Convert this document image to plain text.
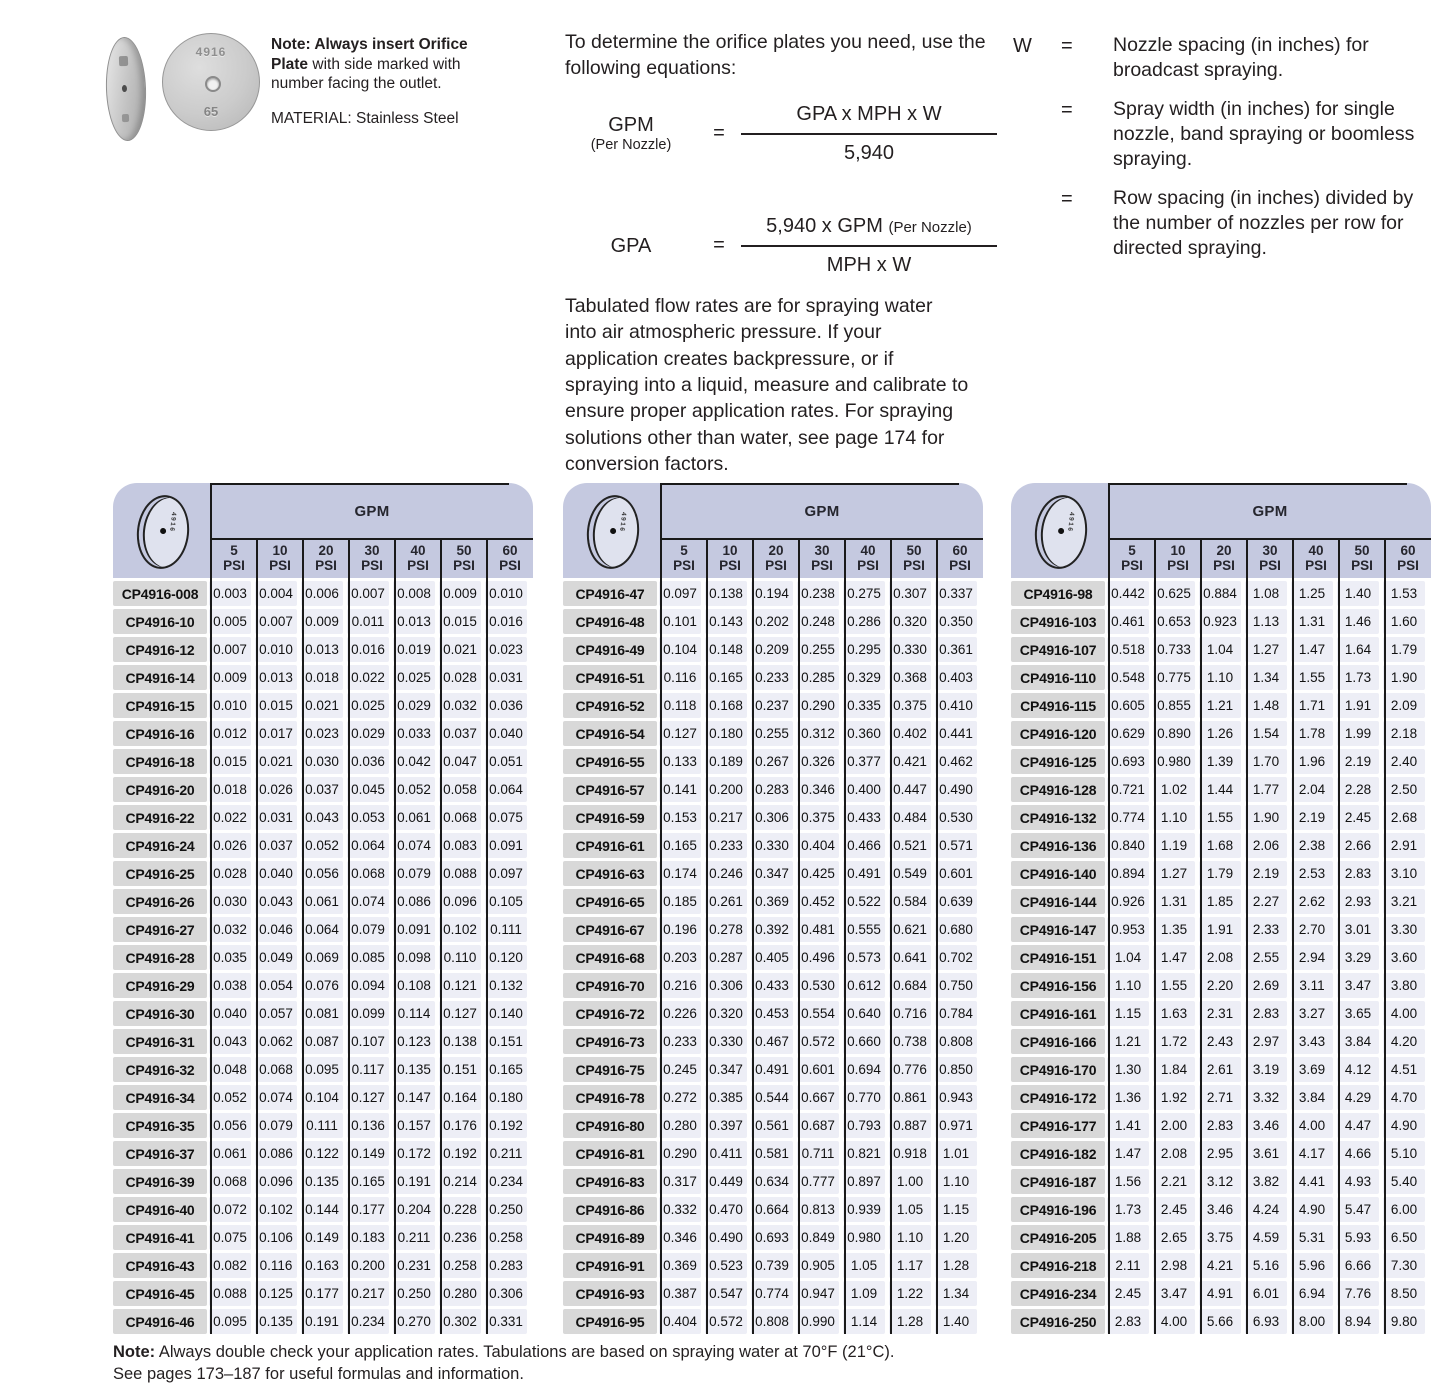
4916
65
Note: Always insert Orifice Plate with side marked with number facing the outlet.
MATERIAL: Stainless Steel
To determine the orifice plates you need, use the following equations:
GPM
(Per Nozzle)
= $\frac{\text{GPA x MPH x W}}{5,940}$
GPA	= $\frac{\text{5,940 x GPM (Per Nozzle)}}{\text{MPH x W}}$
W	=	Nozzle spacing (in inches) for broadcast spraying.
=	Spray width (in inches) for single nozzle, band spraying or boomless spraying.
=	Row spacing (in inches) divided by the number of nozzles per row for directed spraying.
Tabulated flow rates are for spraying water into air atmospheric pressure. If your application creates backpressure, or if spraying into a liquid, measure and calibrate to ensure proper application rates. For spraying solutions other than water, see page 174 for conversion factors.
4916
GPM
5
PSI
10
PSI
20
PSI
30
PSI
40
PSI
50
PSI
60
PSI
CP4916-008	0.003 0.004 0.006 0.007 0.008 0.009 0.010
CP4916-10	0.005 0.007 0.009 0.011 0.013 0.015 0.016
CP4916-12	0.007 0.010 0.013 0.016 0.019 0.021 0.023
CP4916-14	0.009 0.013 0.018 0.022 0.025 0.028 0.031
CP4916-15	0.010 0.015 0.021 0.025 0.029 0.032 0.036
CP4916-16	0.012 0.017 0.023 0.029 0.033 0.037 0.040
CP4916-18	0.015 0.021 0.030 0.036 0.042 0.047 0.051
CP4916-20	0.018 0.026 0.037 0.045 0.052 0.058 0.064
CP4916-22	0.022 0.031 0.043 0.053 0.061 0.068 0.075
CP4916-24	0.026 0.037 0.052 0.064 0.074 0.083 0.091
CP4916-25	0.028 0.040 0.056 0.068 0.079 0.088 0.097
CP4916-26	0.030 0.043 0.061 0.074 0.086 0.096 0.105
CP4916-27	0.032 0.046 0.064 0.079 0.091 0.102 0.111
CP4916-28	0.035 0.049 0.069 0.085 0.098 0.110 0.120
CP4916-29	0.038 0.054 0.076 0.094 0.108 0.121 0.132
CP4916-30	0.040 0.057 0.081 0.099 0.114 0.127 0.140
CP4916-31	0.043 0.062 0.087 0.107 0.123 0.138 0.151
CP4916-32	0.048 0.068 0.095 0.117 0.135 0.151 0.165
CP4916-34	0.052 0.074 0.104 0.127 0.147 0.164 0.180
CP4916-35	0.056 0.079 0.111 0.136 0.157 0.176 0.192
CP4916-37	0.061 0.086 0.122 0.149 0.172 0.192 0.211
CP4916-39	0.068 0.096 0.135 0.165 0.191 0.214 0.234
CP4916-40	0.072 0.102 0.144 0.177 0.204 0.228 0.250
CP4916-41	0.075 0.106 0.149 0.183 0.211 0.236 0.258
CP4916-43	0.082 0.116 0.163 0.200 0.231 0.258 0.283
CP4916-45	0.088 0.125 0.177 0.217 0.250 0.280 0.306
CP4916-46	0.095 0.135 0.191 0.234 0.270 0.302 0.331
4916
GPM
5
PSI
10
PSI
20
PSI
30
PSI
40
PSI
50
PSI
60
PSI
CP4916-47	0.097 0.138 0.194 0.238 0.275 0.307 0.337
CP4916-48	0.101 0.143 0.202 0.248 0.286 0.320 0.350
CP4916-49	0.104 0.148 0.209 0.255 0.295 0.330 0.361
CP4916-51	0.116 0.165 0.233 0.285 0.329 0.368 0.403
CP4916-52	0.118 0.168 0.237 0.290 0.335 0.375 0.410
CP4916-54	0.127 0.180 0.255 0.312 0.360 0.402 0.441
CP4916-55	0.133 0.189 0.267 0.326 0.377 0.421 0.462
CP4916-57	0.141 0.200 0.283 0.346 0.400 0.447 0.490
CP4916-59	0.153 0.217 0.306 0.375 0.433 0.484 0.530
CP4916-61	0.165 0.233 0.330 0.404 0.466 0.521 0.571
CP4916-63	0.174 0.246 0.347 0.425 0.491 0.549 0.601
CP4916-65	0.185 0.261 0.369 0.452 0.522 0.584 0.639
CP4916-67	0.196 0.278 0.392 0.481 0.555 0.621 0.680
CP4916-68	0.203 0.287 0.405 0.496 0.573 0.641 0.702
CP4916-70	0.216 0.306 0.433 0.530 0.612 0.684 0.750
CP4916-72	0.226 0.320 0.453 0.554 0.640 0.716 0.784
CP4916-73	0.233 0.330 0.467 0.572 0.660 0.738 0.808
CP4916-75	0.245 0.347 0.491 0.601 0.694 0.776 0.850
CP4916-78	0.272 0.385 0.544 0.667 0.770 0.861 0.943
CP4916-80	0.280 0.397 0.561 0.687 0.793 0.887 0.971
CP4916-81	0.290 0.411 0.581 0.711 0.821 0.918	1.01
CP4916-83	0.317 0.449 0.634 0.777 0.897	1.00	1.10
CP4916-86	0.332 0.470 0.664 0.813 0.939	1.05	1.15
CP4916-89	0.346 0.490 0.693 0.849 0.980	1.10	1.20
CP4916-91	0.369 0.523 0.739 0.905	1.05	1.17	1.28
CP4916-93	0.387 0.547 0.774 0.947	1.09	1.22	1.34
CP4916-95	0.404 0.572 0.808 0.990	1.14	1.28	1.40
4916
GPM
5
PSI
10
PSI
20
PSI
30
PSI
40
PSI
50
PSI
60
PSI
CP4916-98	0.442 0.625 0.884	1.08	1.25	1.40	1.53
CP4916-103	0.461 0.653 0.923	1.13	1.31	1.46	1.60
CP4916-107	0.518 0.733	1.04	1.27	1.47	1.64	1.79
CP4916-110	0.548 0.775	1.10	1.34	1.55	1.73	1.90
CP4916-115	0.605 0.855	1.21	1.48	1.71	1.91	2.09
CP4916-120	0.629 0.890	1.26	1.54	1.78	1.99	2.18
CP4916-125	0.693 0.980	1.39	1.70	1.96	2.19	2.40
CP4916-128	0.721	1.02	1.44	1.77	2.04	2.28	2.50
CP4916-132	0.774	1.10	1.55	1.90	2.19	2.45	2.68
CP4916-136	0.840	1.19	1.68	2.06	2.38	2.66	2.91
CP4916-140	0.894	1.27	1.79	2.19	2.53	2.83	3.10
CP4916-144	0.926	1.31	1.85	2.27	2.62	2.93	3.21
CP4916-147	0.953	1.35	1.91	2.33	2.70	3.01	3.30
CP4916-151	1.04	1.47	2.08	2.55	2.94	3.29	3.60
CP4916-156	1.10	1.55	2.20	2.69	3.11	3.47	3.80
CP4916-161	1.15	1.63	2.31	2.83	3.27	3.65	4.00
CP4916-166	1.21	1.72	2.43	2.97	3.43	3.84	4.20
CP4916-170	1.30	1.84	2.61	3.19	3.69	4.12	4.51
CP4916-172	1.36	1.92	2.71	3.32	3.84	4.29	4.70
CP4916-177	1.41	2.00	2.83	3.46	4.00	4.47	4.90
CP4916-182	1.47	2.08	2.95	3.61	4.17	4.66	5.10
CP4916-187	1.56	2.21	3.12	3.82	4.41	4.93	5.40
CP4916-196	1.73	2.45	3.46	4.24	4.90	5.47	6.00
CP4916-205	1.88	2.65	3.75	4.59	5.31	5.93	6.50
CP4916-218	2.11	2.98	4.21	5.16	5.96	6.66	7.30
CP4916-234	2.45	3.47	4.91	6.01	6.94	7.76	8.50
CP4916-250	2.83	4.00	5.66	6.93	8.00	8.94	9.80
Note: Always double check your application rates. Tabulations are based on spraying water at 70°F (21°C).
See pages 173–187 for useful formulas and information.
